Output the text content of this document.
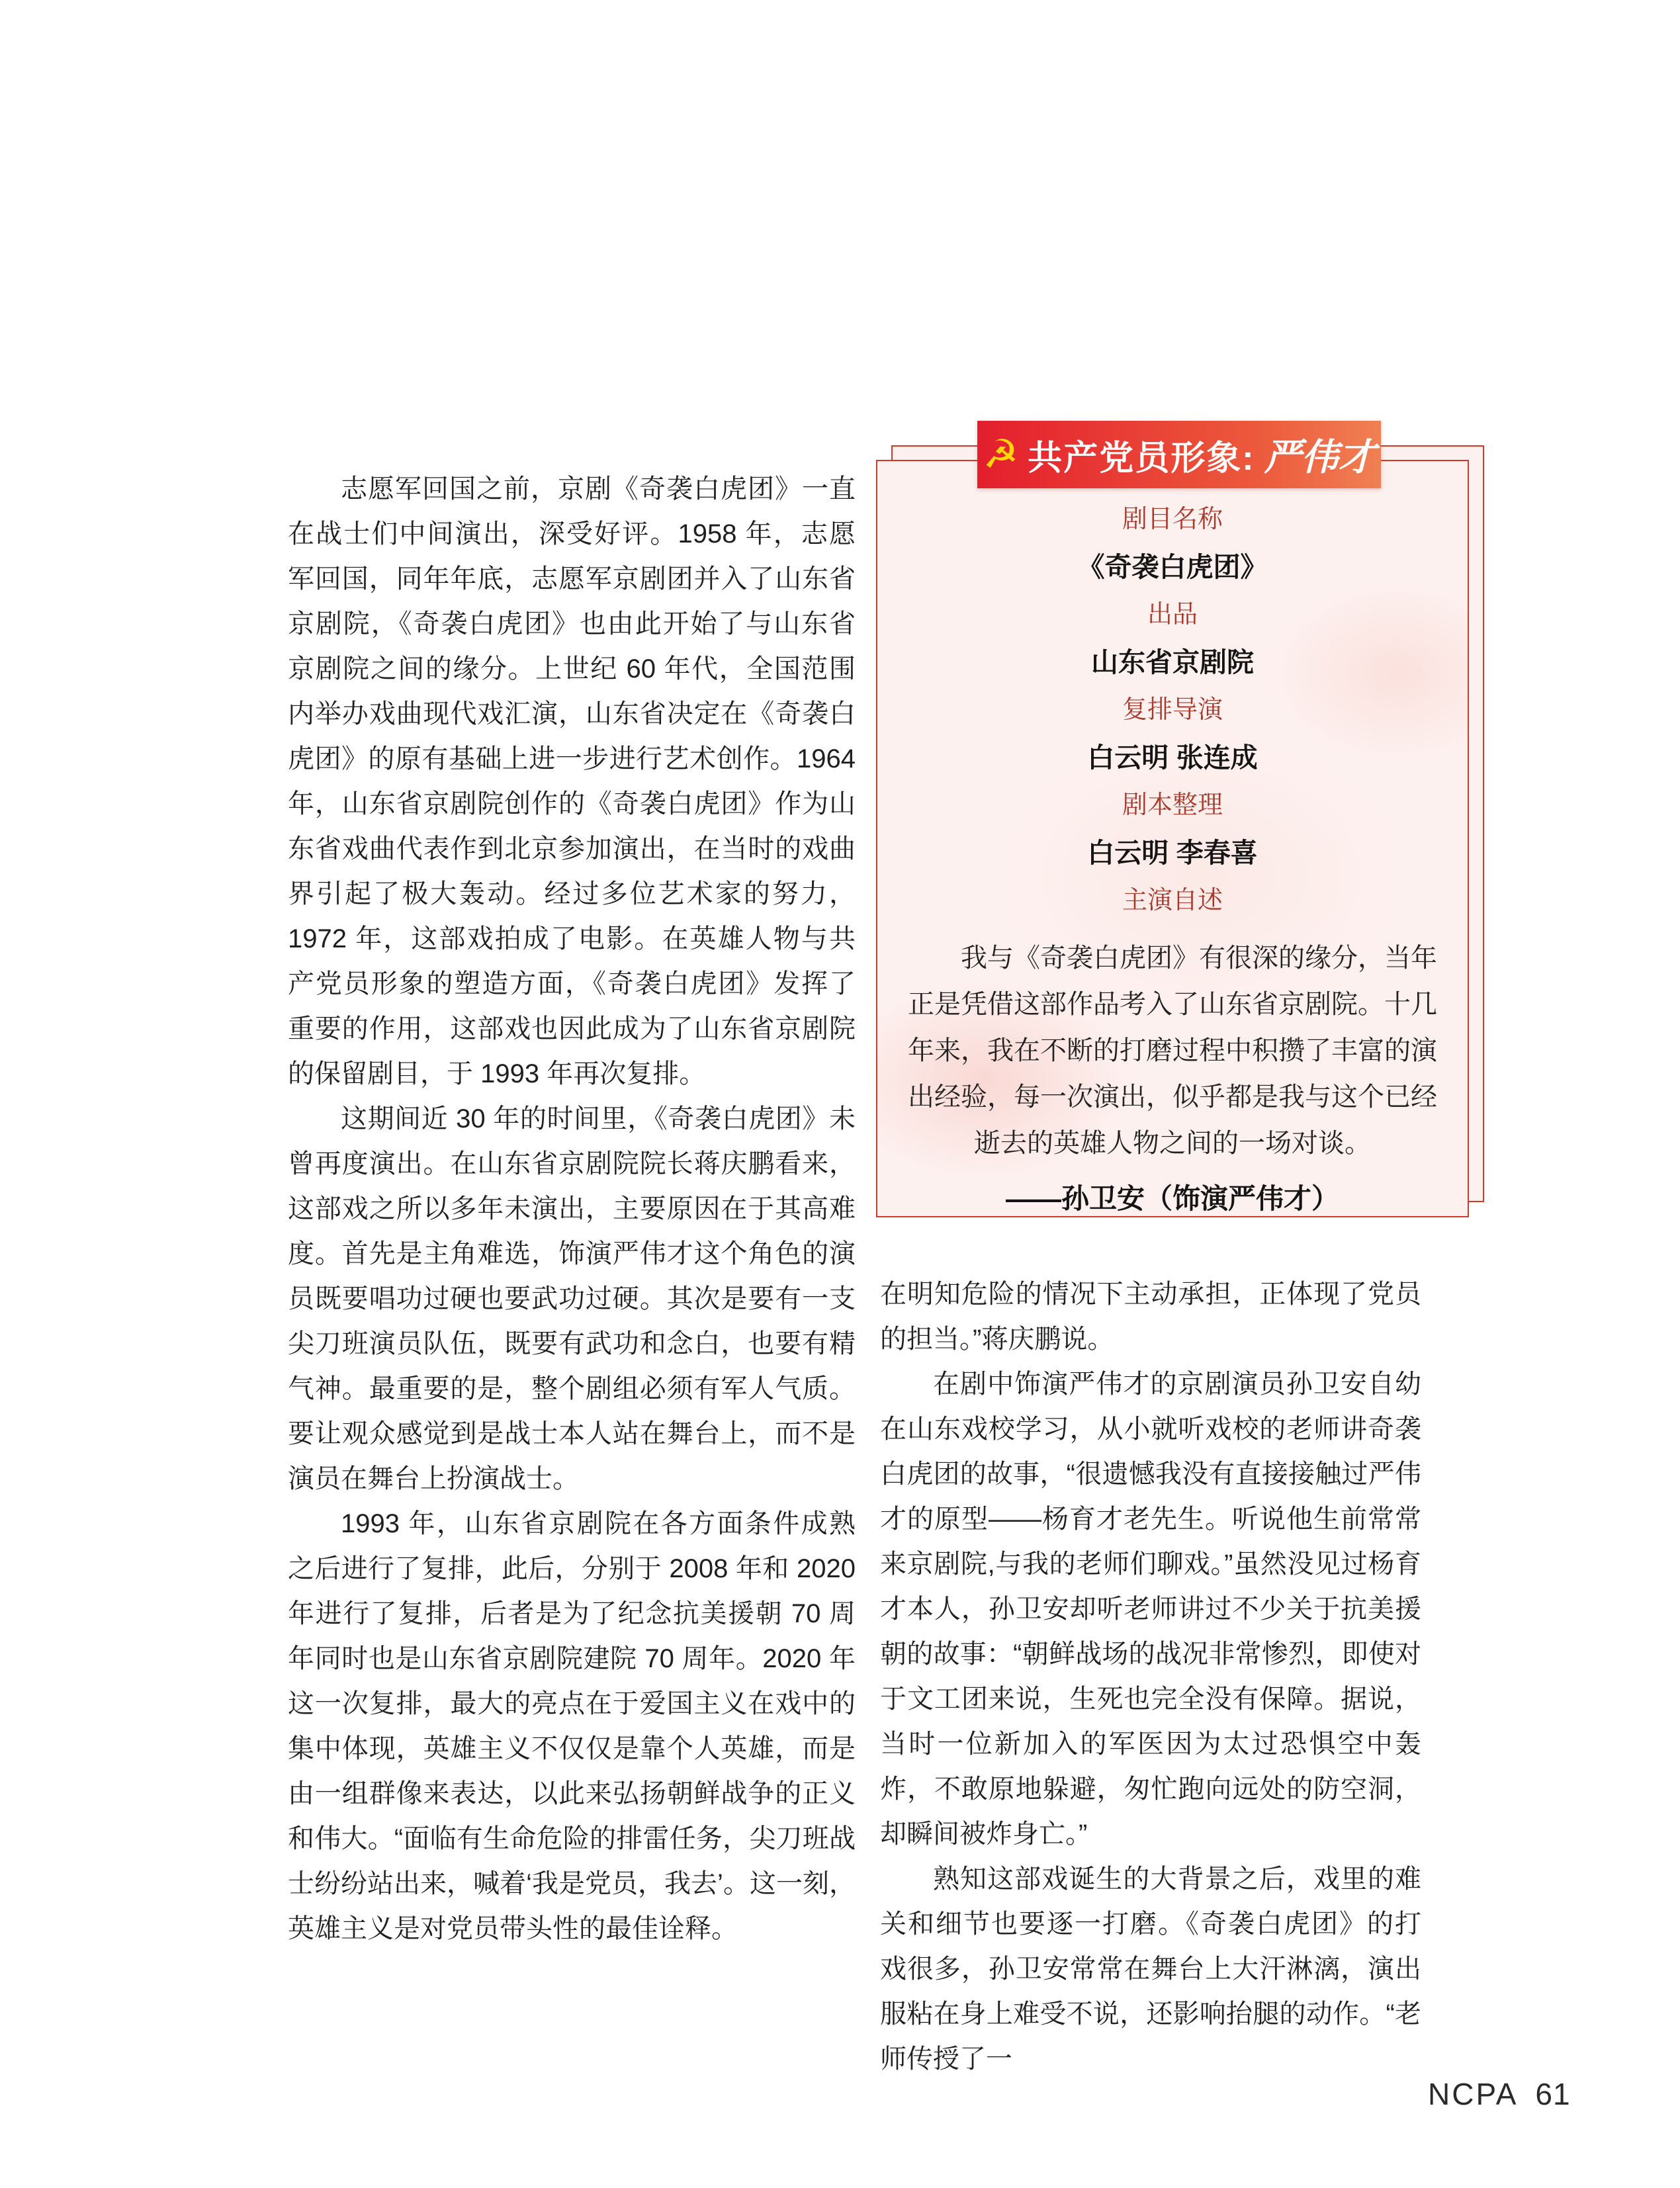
志愿军回国之前，京剧《奇袭白虎团》一直在战士们中间演出，深受好评。1958 年，志愿军回国，同年年底，志愿军京剧团并入了山东省京剧院，《奇袭白虎团》也由此开始了与山东省京剧院之间的缘分。上世纪 60 年代，全国范围内举办戏曲现代戏汇演，山东省决定在《奇袭白虎团》的原有基础上进一步进行艺术创作。1964 年，山东省京剧院创作的《奇袭白虎团》作为山东省戏曲代表作到北京参加演出，在当时的戏曲界引起了极大轰动。经过多位艺术家的努力，1972 年，这部戏拍成了电影。在英雄人物与共产党员形象的塑造方面，《奇袭白虎团》发挥了重要的作用，这部戏也因此成为了山东省京剧院的保留剧目，于 1993 年再次复排。

这期间近 30 年的时间里，《奇袭白虎团》未曾再度演出。在山东省京剧院院长蒋庆鹏看来，这部戏之所以多年未演出，主要原因在于其高难度。首先是主角难选，饰演严伟才这个角色的演员既要唱功过硬也要武功过硬。其次是要有一支尖刀班演员队伍，既要有武功和念白，也要有精气神。最重要的是，整个剧组必须有军人气质。要让观众感觉到是战士本人站在舞台上，而不是演员在舞台上扮演战士。

1993 年，山东省京剧院在各方面条件成熟之后进行了复排，此后，分别于 2008 年和 2020 年进行了复排，后者是为了纪念抗美援朝 70 周年同时也是山东省京剧院建院 70 周年。2020 年这一次复排，最大的亮点在于爱国主义在戏中的集中体现，英雄主义不仅仅是靠个人英雄，而是由一组群像来表达，以此来弘扬朝鲜战争的正义和伟大。“面临有生命危险的排雷任务，尖刀班战士纷纷站出来，喊着‘我是党员，我去’。这一刻，英雄主义是对党员带头性的最佳诠释。

剧目名称
《奇袭白虎团》
出品
山东省京剧院
复排导演
白云明 张连成
剧本整理
白云明 李春喜
主演自述
我与《奇袭白虎团》有很深的缘分，当年正是凭借这部作品考入了山东省京剧院。十几年来，我在不断的打磨过程中积攒了丰富的演出经验，每一次演出，似乎都是我与这个已经逝去的英雄人物之间的一场对谈。
——孙卫安（饰演严伟才）
☭ 共产党员形象: 严伟才

在明知危险的情况下主动承担，正体现了党员的担当。”蒋庆鹏说。

在剧中饰演严伟才的京剧演员孙卫安自幼在山东戏校学习，从小就听戏校的老师讲奇袭白虎团的故事，“很遗憾我没有直接接触过严伟才的原型——杨育才老先生。听说他生前常常来京剧院,与我的老师们聊戏。”虽然没见过杨育才本人，孙卫安却听老师讲过不少关于抗美援朝的故事：“朝鲜战场的战况非常惨烈，即使对于文工团来说，生死也完全没有保障。据说，当时一位新加入的军医因为太过恐惧空中轰炸，不敢原地躲避，匆忙跑向远处的防空洞，却瞬间被炸身亡。”

熟知这部戏诞生的大背景之后，戏里的难关和细节也要逐一打磨。《奇袭白虎团》的打戏很多，孙卫安常常在舞台上大汗淋漓，演出服粘在身上难受不说，还影响抬腿的动作。“老师传授了一

NCPA 61
